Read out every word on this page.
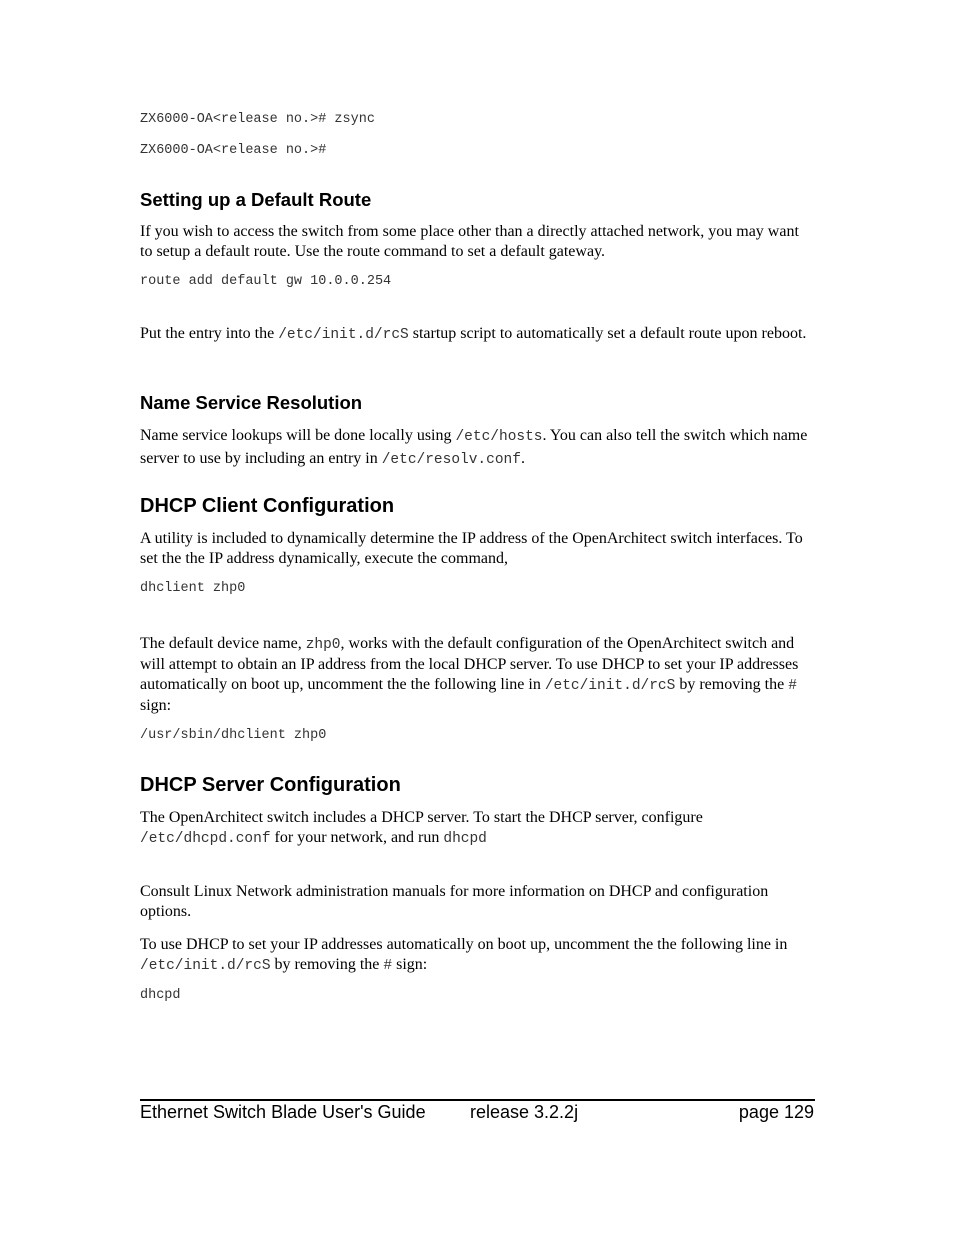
ZX6000-OA<release no.># zsync
ZX6000-OA<release no.>#
Setting up a Default Route
If you wish to access the switch from some place other than a directly attached network, you may want to setup a default route. Use the route command to set a default gateway.
route add default gw 10.0.0.254
Put the entry into the /etc/init.d/rcS startup script to automatically set a default route upon reboot.
Name Service Resolution
Name service lookups will be done locally using /etc/hosts. You can also tell the switch which name server to use by including an entry in /etc/resolv.conf.
DHCP Client Configuration
A utility is included to dynamically determine the IP address of the OpenArchitect switch interfaces. To set the the IP address dynamically, execute the command,
dhclient zhp0
The default device name, zhp0, works with the default configuration of the OpenArchitect switch and will attempt to obtain an IP address from the local DHCP server. To use DHCP to set your IP addresses automatically on boot up, uncomment the the following line in /etc/init.d/rcS by removing the # sign:
/usr/sbin/dhclient zhp0
DHCP Server Configuration
The OpenArchitect switch includes a DHCP server. To start the DHCP server, configure /etc/dhcpd.conf for your network, and run dhcpd
Consult Linux Network administration manuals for more information on DHCP and configuration options.
To use DHCP to set your IP addresses automatically on boot up, uncomment the the following line in /etc/init.d/rcS by removing the # sign:
dhcpd
Ethernet Switch Blade User's Guide release 3.2.2j	page 129
